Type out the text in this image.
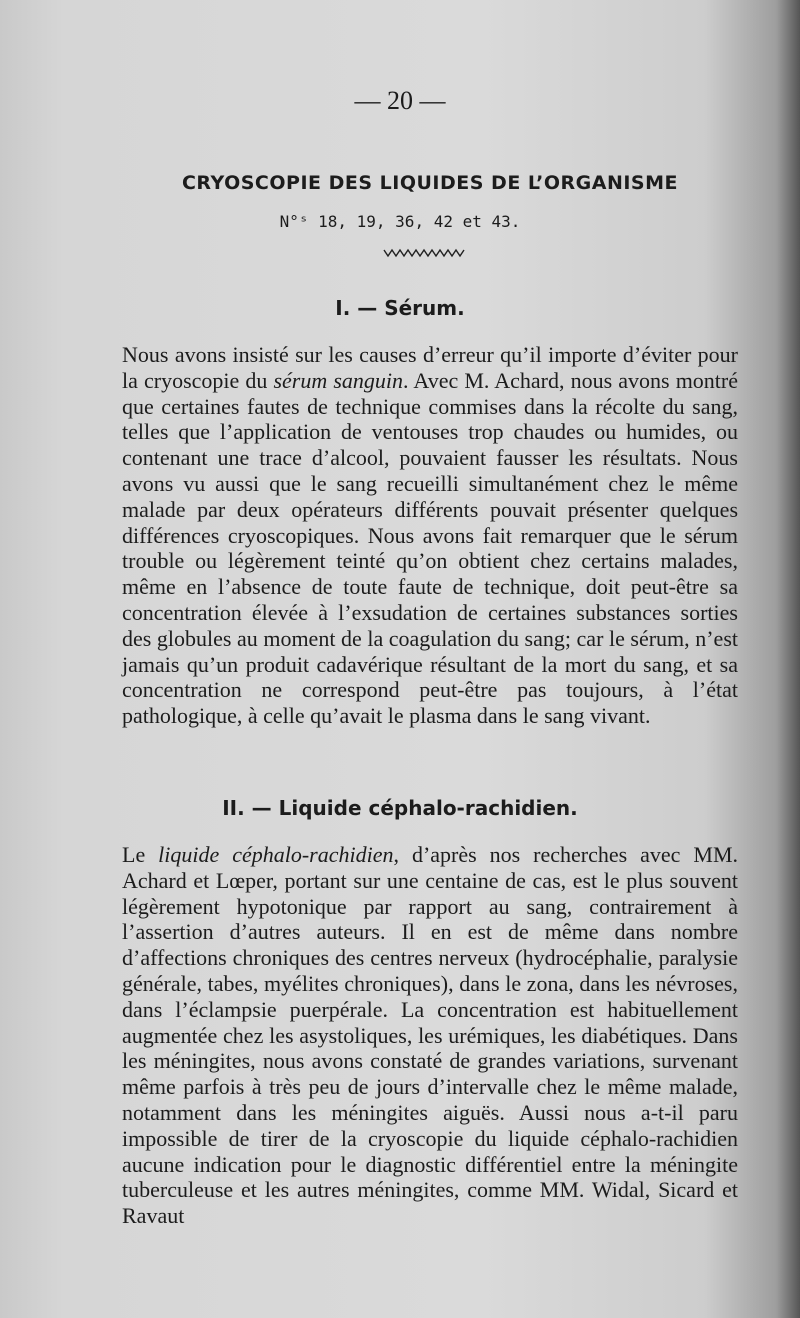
— 20 —
CRYOSCOPIE DES LIQUIDES DE L’ORGANISME
N°ˢ 18, 19, 36, 42 et 43.
I. — Sérum.

Nous avons insisté sur les causes d’erreur qu’il importe d’éviter pour la cryoscopie du sérum sanguin. Avec M. Achard, nous avons montré que certaines fautes de technique commises dans la récolte du sang, telles que l’application de ventouses trop chaudes ou humides, ou contenant une trace d’alcool, pouvaient fausser les résultats. Nous avons vu aussi que le sang recueilli simultanément chez le même malade par deux opérateurs différents pouvait présenter quelques différences cryoscopiques. Nous avons fait remarquer que le sérum trouble ou légèrement teinté qu’on obtient chez certains malades, même en l’absence de toute faute de technique, doit peut-être sa concentration élevée à l’exsudation de certaines substances sorties des globules au moment de la coagulation du sang; car le sérum, n’est jamais qu’un produit cadavérique résultant de la mort du sang, et sa concentration ne correspond peut-être pas toujours, à l’état pathologique, à celle qu’avait le plasma dans le sang vivant.

II. — Liquide céphalo-rachidien.

Le liquide céphalo-rachidien, d’après nos recherches avec MM. Achard et Lœper, portant sur une centaine de cas, est le plus souvent légèrement hypotonique par rapport au sang, contrairement à l’assertion d’autres auteurs. Il en est de même dans nombre d’affections chroniques des centres nerveux (hydrocéphalie, paralysie générale, tabes, myélites chroniques), dans le zona, dans les névroses, dans l’éclampsie puerpérale. La concentration est habituellement augmentée chez les asystoliques, les urémiques, les diabétiques. Dans les méningites, nous avons constaté de grandes variations, survenant même parfois à très peu de jours d’intervalle chez le même malade, notamment dans les méningites aiguës. Aussi nous a-t-il paru impossible de tirer de la cryoscopie du liquide céphalo-rachidien aucune indication pour le diagnostic différentiel entre la méningite tuberculeuse et les autres méningites, comme MM. Widal, Sicard et Ravaut
